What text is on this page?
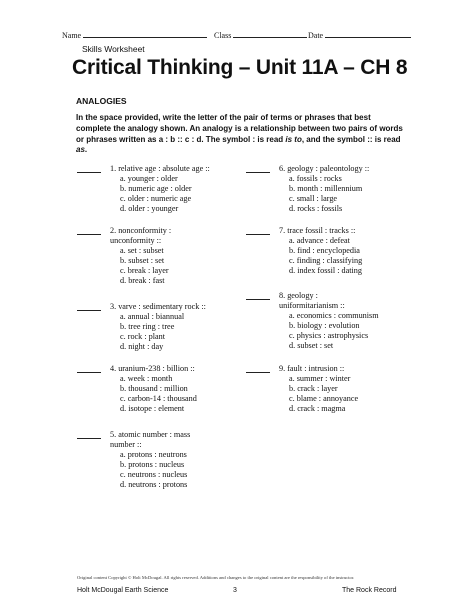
Name	Class	Date
Skills Worksheet
Critical Thinking – Unit 11A – CH 8
ANALOGIES
In the space provided, write the letter of the pair of terms or phrases that best complete the analogy shown. An analogy is a relationship between two pairs of words or phrases written as a : b :: c : d. The symbol : is read is to, and the symbol :: is read as.
1. relative age : absolute age ::
a. younger : older
b. numeric age : older
c. older : numeric age
d. older : younger
2. nonconformity :
unconformity ::
a. set : subset
b. subset : set
c. break : layer
d. break : fast
3. varve : sedimentary rock ::
a. annual : biannual
b. tree ring : tree
c. rock : plant
d. night : day
4. uranium-238 : billion ::
a. week : month
b. thousand : million
c. carbon-14 : thousand
d. isotope : element
5. atomic number : mass
number ::
a. protons : neutrons
b. protons : nucleus
c. neutrons : nucleus
d. neutrons : protons
6. geology : paleontology ::
a. fossils : rocks
b. month : millennium
c. small : large
d. rocks : fossils
7. trace fossil : tracks ::
a. advance : defeat
b. find : encyclopedia
c. finding : classifying
d. index fossil : dating
8. geology :
uniformitarianism ::
a. economics : communism
b. biology : evolution
c. physics : astrophysics
d. subset : set
9. fault : intrusion ::
a. summer : winter
b. crack : layer
c. blame : annoyance
d. crack : magma
Original content Copyright © Holt McDougal. All rights reserved. Additions and changes to the original content are the responsibility of the instructor.
Holt McDougal Earth Science	3	The Rock Record
